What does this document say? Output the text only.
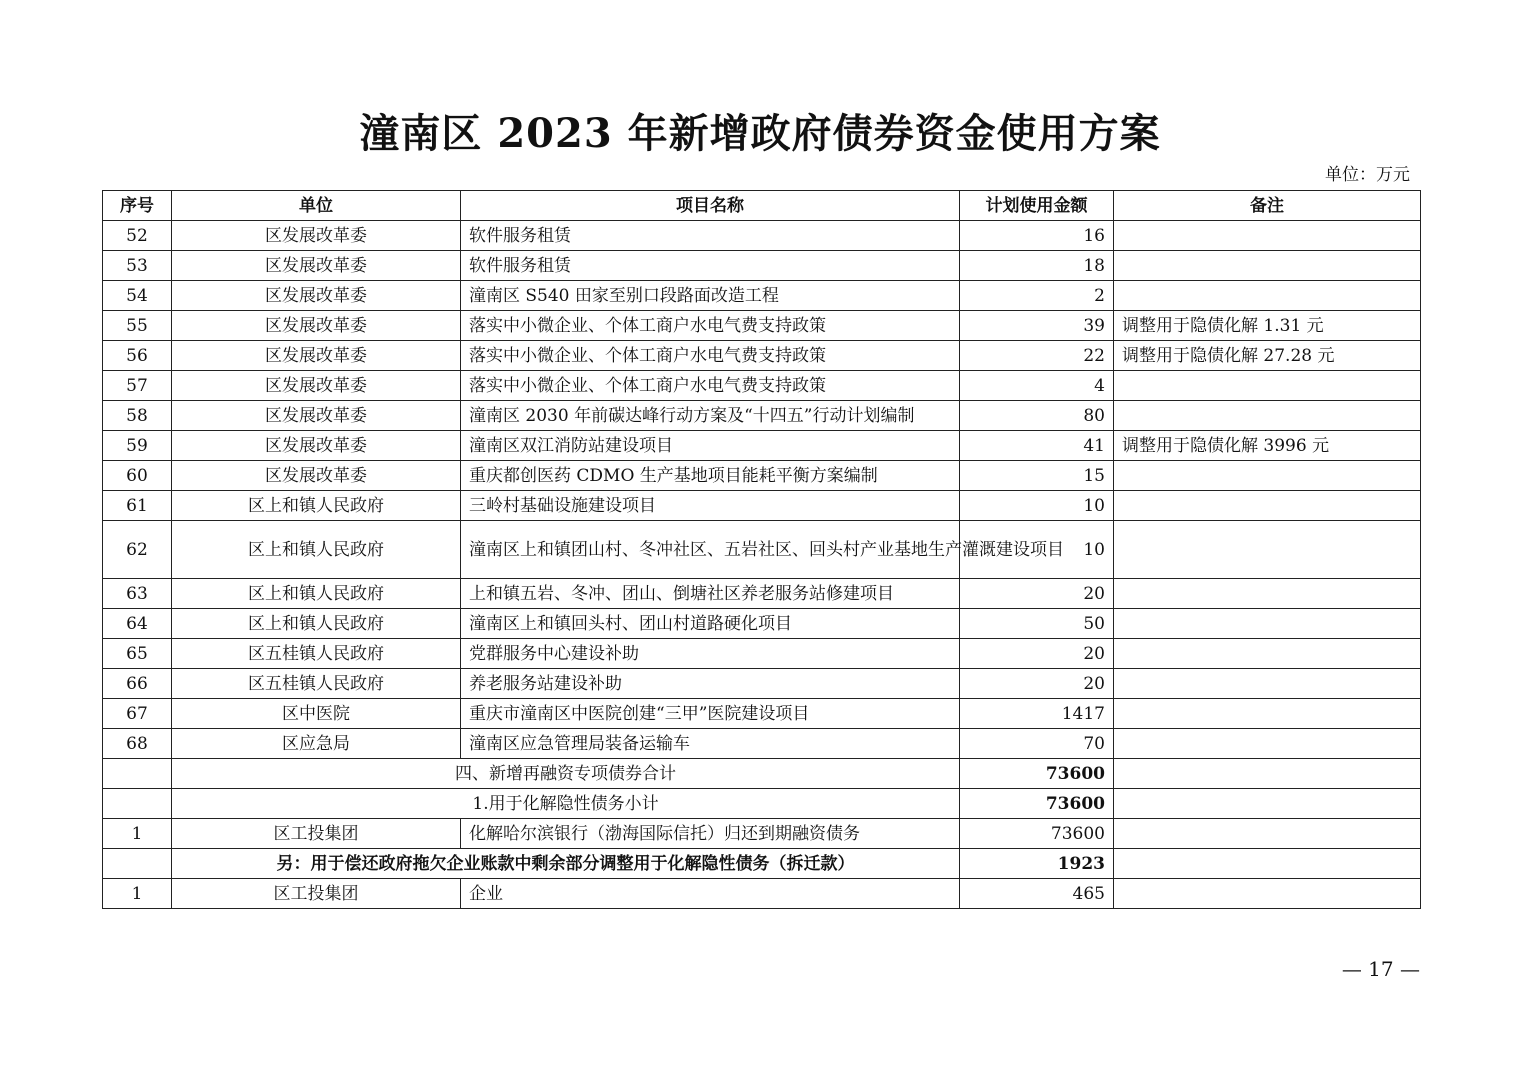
潼南区 2023 年新增政府债券资金使用方案
单位：万元
序号	单位	项目名称	计划使用金额	备注
52	区发展改革委	软件服务租赁	16	
53	区发展改革委	软件服务租赁	18	
54	区发展改革委	潼南区 S540 田家至别口段路面改造工程	2	
55	区发展改革委	落实中小微企业、个体工商户水电气费支持政策	39	调整用于隐债化解 1.31 元
56	区发展改革委	落实中小微企业、个体工商户水电气费支持政策	22	调整用于隐债化解 27.28 元
57	区发展改革委	落实中小微企业、个体工商户水电气费支持政策	4	
58	区发展改革委	潼南区 2030 年前碳达峰行动方案及“十四五”行动计划编制	80	
59	区发展改革委	潼南区双江消防站建设项目	41	调整用于隐债化解 3996 元
60	区发展改革委	重庆都创医药 CDMO 生产基地项目能耗平衡方案编制	15	
61	区上和镇人民政府	三岭村基础设施建设项目	10	
62	区上和镇人民政府	潼南区上和镇团山村、冬冲社区、五岩社区、回头村产业基地生产灌溉建设项目	10	
63	区上和镇人民政府	上和镇五岩、冬冲、团山、倒塘社区养老服务站修建项目	20	
64	区上和镇人民政府	潼南区上和镇回头村、团山村道路硬化项目	50	
65	区五桂镇人民政府	党群服务中心建设补助	20	
66	区五桂镇人民政府	养老服务站建设补助	20	
67	区中医院	重庆市潼南区中医院创建“三甲”医院建设项目	1417	
68	区应急局	潼南区应急管理局装备运输车	70	
	四、新增再融资专项债券合计		73600	
	1.用于化解隐性债务小计		73600	
1	区工投集团	化解哈尔滨银行（渤海国际信托）归还到期融资债务	73600	
	另：用于偿还政府拖欠企业账款中剩余部分调整用于化解隐性债务（拆迁款）		1923	
1	区工投集团	企业	465	
— 17 —
